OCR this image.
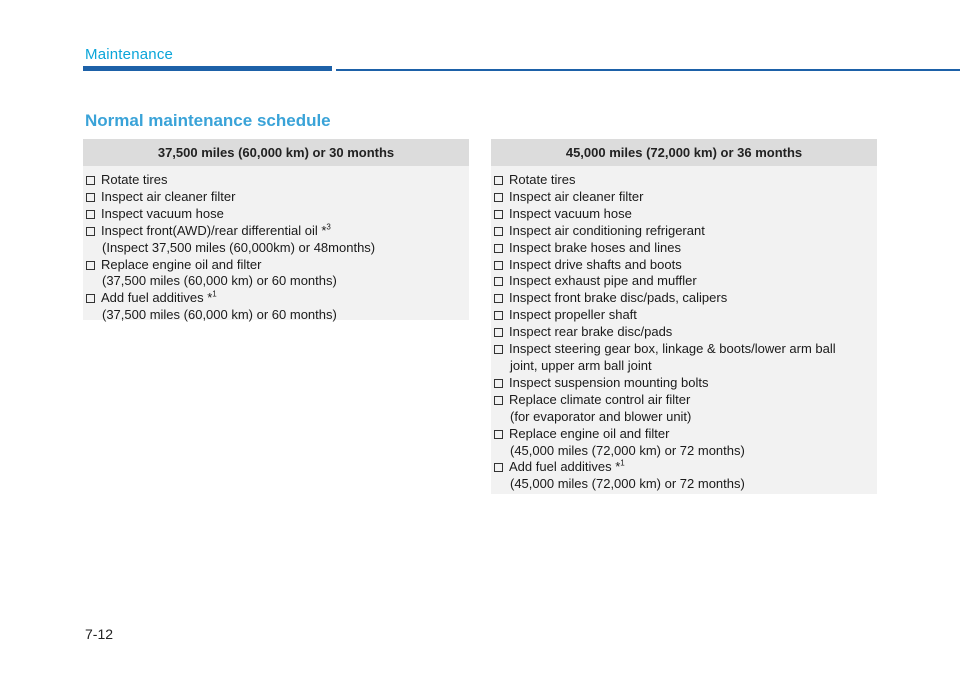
Maintenance
Normal maintenance schedule
37,500 miles (60,000 km) or 30 months
Rotate tires
Inspect air cleaner filter
Inspect vacuum hose
Inspect front(AWD)/rear differential oil *$^3$
(Inspect 37,500 miles (60,000km) or 48months)
Replace engine oil and filter
(37,500 miles (60,000 km) or 60 months)
Add fuel additives *$^1$
(37,500 miles (60,000 km) or 60 months)
45,000 miles (72,000 km) or 36 months
Rotate tires
Inspect air cleaner filter
Inspect vacuum hose
Inspect air conditioning refrigerant
Inspect brake hoses and lines
Inspect drive shafts and boots
Inspect exhaust pipe and muffler
Inspect front brake disc/pads, calipers
Inspect propeller shaft
Inspect rear brake disc/pads
Inspect steering gear box, linkage & boots/lower arm ball
joint, upper arm ball joint
Inspect suspension mounting bolts
Replace climate control air filter
(for evaporator and blower unit)
Replace engine oil and filter
(45,000 miles (72,000 km) or 72 months)
Add fuel additives *$^1$
(45,000 miles (72,000 km) or 72 months)
7-12
